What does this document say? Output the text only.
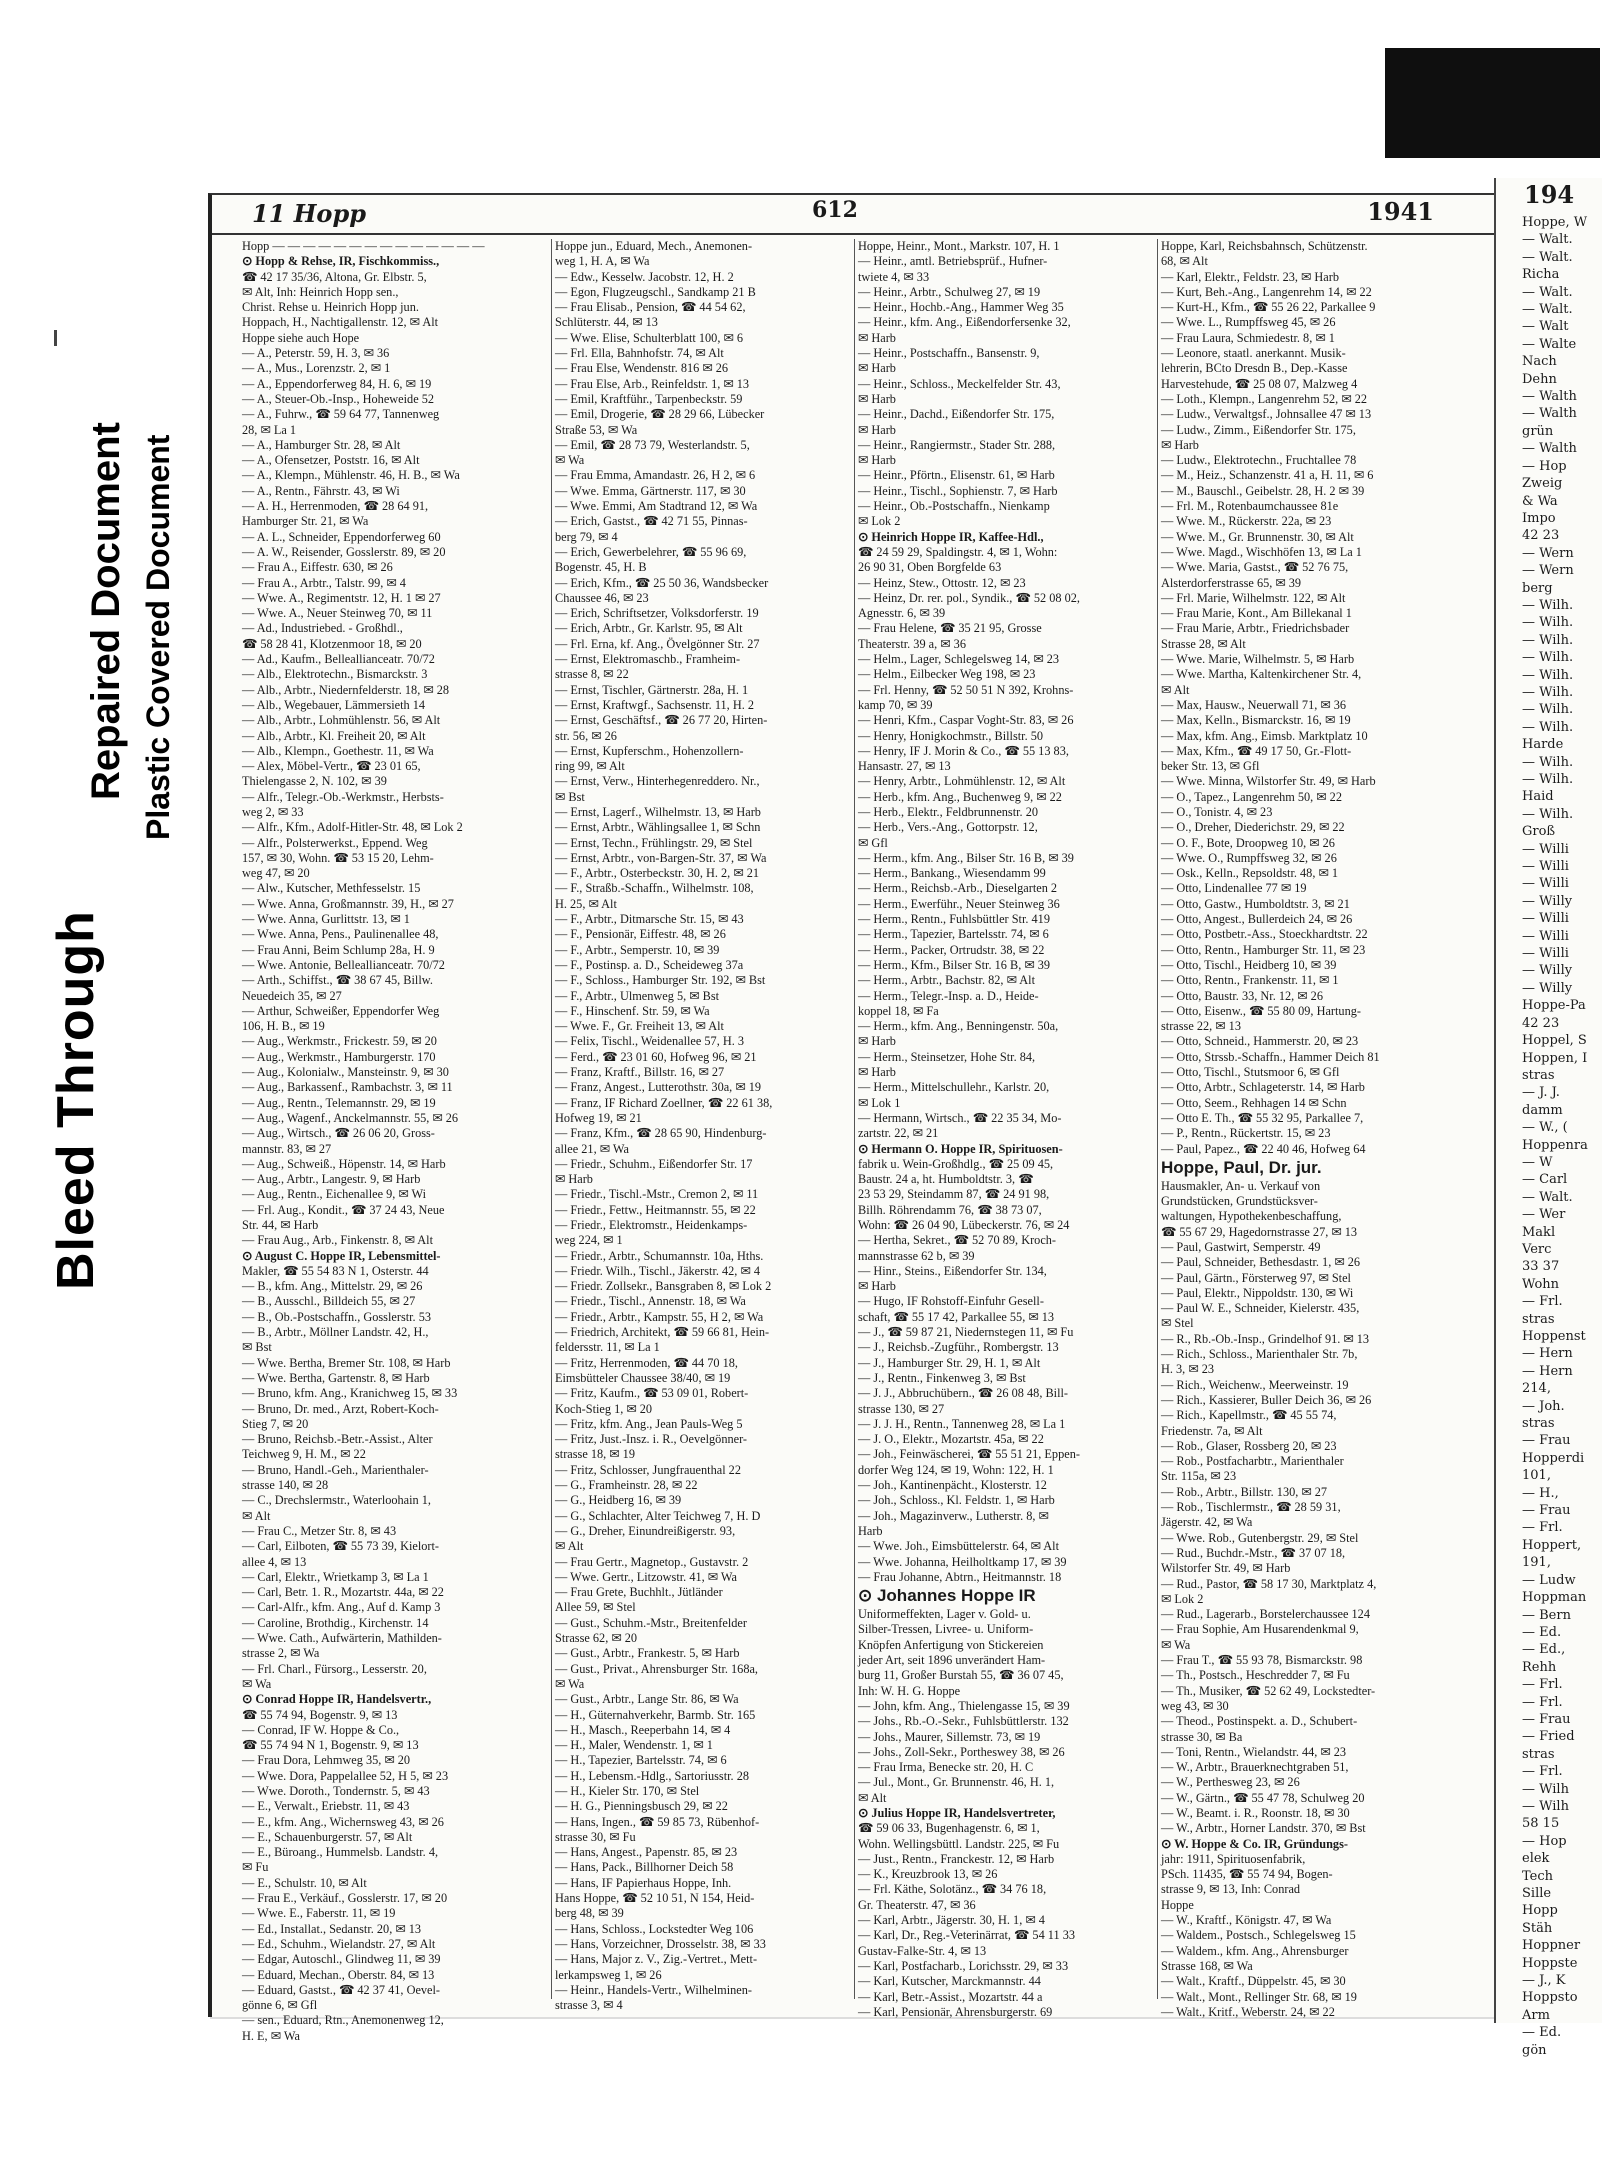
Bleed Through
Repaired Document Plastic Covered Document
11 Hopp	612	1941
Hopp — — — — — — — — — — — — — —
⊙ Hopp & Rehse, IR, Fischkommiss.,
☎ 42 17 35/36, Altona, Gr. Elbstr. 5,
✉ Alt, Inh: Heinrich Hopp sen.,
Christ. Rehse u. Heinrich Hopp jun.
Hoppach, H., Nachtigallenstr. 12, ✉ Alt
Hoppe siehe auch Hope
— A., Peterstr. 59, H. 3, ✉ 36
— A., Mus., Lorenzstr. 2, ✉ 1
— A., Eppendorferweg 84, H. 6, ✉ 19
— A., Steuer-Ob.-Insp., Hoheweide 52
— A., Fuhrw., ☎ 59 64 77, Tannenweg
28, ✉ La 1
— A., Hamburger Str. 28, ✉ Alt
— A., Ofensetzer, Poststr. 16, ✉ Alt
— A., Klempn., Mühlenstr. 46, H. B., ✉ Wa
— A., Rentn., Fährstr. 43, ✉ Wi
— A. H., Herrenmoden, ☎ 28 64 91,
Hamburger Str. 21, ✉ Wa
— A. L., Schneider, Eppendorferweg 60
— A. W., Reisender, Gosslerstr. 89, ✉ 20
— Frau A., Eiffestr. 630, ✉ 26
— Frau A., Arbtr., Talstr. 99, ✉ 4
— Wwe. A., Regimentstr. 12, H. 1 ✉ 27
— Wwe. A., Neuer Steinweg 70, ✉ 11
— Ad., Industriebed. - Großhdl.,
☎ 58 28 41, Klotzenmoor 18, ✉ 20
— Ad., Kaufm., Belleallianceatr. 70/72
— Alb., Elektrotechn., Bismarckstr. 3
— Alb., Arbtr., Niedernfelderstr. 18, ✉ 28
— Alb., Wegebauer, Lämmersieth 14
— Alb., Arbtr., Lohmühlenstr. 56, ✉ Alt
— Alb., Arbtr., Kl. Freiheit 20, ✉ Alt
— Alb., Klempn., Goethestr. 11, ✉ Wa
— Alex, Möbel-Vertr., ☎ 23 01 65,
Thielengasse 2, N. 102, ✉ 39
— Alfr., Telegr.-Ob.-Werkmstr., Herbsts-
weg 2, ✉ 33
— Alfr., Kfm., Adolf-Hitler-Str. 48, ✉ Lok 2
— Alfr., Polsterwerkst., Eppend. Weg
157, ✉ 30, Wohn. ☎ 53 15 20, Lehm-
weg 47, ✉ 20
— Alw., Kutscher, Methfesselstr. 15
— Wwe. Anna, Großmannstr. 39, H., ✉ 27
— Wwe. Anna, Gurlittstr. 13, ✉ 1
— Wwe. Anna, Pens., Paulinenallee 48,
— Frau Anni, Beim Schlump 28a, H. 9
— Wwe. Antonie, Belleallianceatr. 70/72
— Arth., Schiffst., ☎ 38 67 45, Billw.
Neuedeich 35, ✉ 27
— Arthur, Schweißer, Eppendorfer Weg
106, H. B., ✉ 19
— Aug., Werkmstr., Frickestr. 59, ✉ 20
— Aug., Werkmstr., Hamburgerstr. 170
— Aug., Kolonialw., Mansteinstr. 9, ✉ 30
— Aug., Barkassenf., Rambachstr. 3, ✉ 11
— Aug., Rentn., Telemannstr. 29, ✉ 19
— Aug., Wagenf., Anckelmannstr. 55, ✉ 26
— Aug., Wirtsch., ☎ 26 06 20, Gross-
mannstr. 83, ✉ 27
— Aug., Schweiß., Höpenstr. 14, ✉ Harb
— Aug., Arbtr., Langestr. 9, ✉ Harb
— Aug., Rentn., Eichenallee 9, ✉ Wi
— Frl. Aug., Kondit., ☎ 37 24 43, Neue
Str. 44, ✉ Harb
— Frau Aug., Arb., Finkenstr. 8, ✉ Alt
⊙ August C. Hoppe IR, Lebensmittel-
Makler, ☎ 55 54 83 N 1, Osterstr. 44
— B., kfm. Ang., Mittelstr. 29, ✉ 26
— B., Ausschl., Billdeich 55, ✉ 27
— B., Ob.-Postschaffn., Gosslerstr. 53
— B., Arbtr., Möllner Landstr. 42, H.,
✉ Bst
— Wwe. Bertha, Bremer Str. 108, ✉ Harb
— Wwe. Bertha, Gartenstr. 8, ✉ Harb
— Bruno, kfm. Ang., Kranichweg 15, ✉ 33
— Bruno, Dr. med., Arzt, Robert-Koch-
Stieg 7, ✉ 20
— Bruno, Reichsb.-Betr.-Assist., Alter
Teichweg 9, H. M., ✉ 22
— Bruno, Handl.-Geh., Marienthaler-
strasse 140, ✉ 28
— C., Drechslermstr., Waterloohain 1,
✉ Alt
— Frau C., Metzer Str. 8, ✉ 43
— Carl, Eilboten, ☎ 55 73 39, Kielort-
allee 4, ✉ 13
— Carl, Elektr., Wrietkamp 3, ✉ La 1
— Carl, Betr. 1. R., Mozartstr. 44a, ✉ 22
— Carl-Alfr., kfm. Ang., Auf d. Kamp 3
— Caroline, Brothdig., Kirchenstr. 14
— Wwe. Cath., Aufwärterin, Mathilden-
strasse 2, ✉ Wa
— Frl. Charl., Fürsorg., Lesserstr. 20,
✉ Wa
⊙ Conrad Hoppe IR, Handelsvertr.,
☎ 55 74 94, Bogenstr. 9, ✉ 13
— Conrad, IF W. Hoppe & Co.,
☎ 55 74 94 N 1, Bogenstr. 9, ✉ 13
— Frau Dora, Lehmweg 35, ✉ 20
— Wwe. Dora, Pappelallee 52, H 5, ✉ 23
— Wwe. Doroth., Tondernstr. 5, ✉ 43
— E., Verwalt., Eriebstr. 11, ✉ 43
— E., kfm. Ang., Wichernsweg 43, ✉ 26
— E., Schauenburgerstr. 57, ✉ Alt
— E., Büroang., Hummelsb. Landstr. 4,
✉ Fu
— E., Schulstr. 10, ✉ Alt
— Frau E., Verkäuf., Gosslerstr. 17, ✉ 20
— Wwe. E., Faberstr. 11, ✉ 19
— Ed., Installat., Sedanstr. 20, ✉ 13
— Ed., Schuhm., Wielandstr. 27, ✉ Alt
— Edgar, Autoschl., Glindweg 11, ✉ 39
— Eduard, Mechan., Oberstr. 84, ✉ 13
— Eduard, Gastst., ☎ 42 37 41, Oevel-
gönne 6, ✉ Gfl
— sen., Eduard, Rtn., Anemonenweg 12,
H. E, ✉ Wa
Hoppe jun., Eduard, Mech., Anemonen-
weg 1, H. A, ✉ Wa
— Edw., Kesselw. Jacobstr. 12, H. 2
— Egon, Flugzeugschl., Sandkamp 21 B
— Frau Elisab., Pension, ☎ 44 54 62,
Schlüterstr. 44, ✉ 13
— Wwe. Elise, Schulterblatt 100, ✉ 6
— Frl. Ella, Bahnhofstr. 74, ✉ Alt
— Frau Else, Wendenstr. 816 ✉ 26
— Frau Else, Arb., Reinfeldstr. 1, ✉ 13
— Emil, Kraftführ., Tarpenbeckstr. 59
— Emil, Drogerie, ☎ 28 29 66, Lübecker
Straße 53, ✉ Wa
— Emil, ☎ 28 73 79, Westerlandstr. 5,
✉ Wa
— Frau Emma, Amandastr. 26, H 2, ✉ 6
— Wwe. Emma, Gärtnerstr. 117, ✉ 30
— Wwe. Emmi, Am Stadtrand 12, ✉ Wa
— Erich, Gastst., ☎ 42 71 55, Pinnas-
berg 79, ✉ 4
— Erich, Gewerbelehrer, ☎ 55 96 69,
Bogenstr. 45, H. B
— Erich, Kfm., ☎ 25 50 36, Wandsbecker
Chaussee 46, ✉ 23
— Erich, Schriftsetzer, Volksdorferstr. 19
— Erich, Arbtr., Gr. Karlstr. 95, ✉ Alt
— Frl. Erna, kf. Ang., Övelgönner Str. 27
— Ernst, Elektromaschb., Framheim-
strasse 8, ✉ 22
— Ernst, Tischler, Gärtnerstr. 28a, H. 1
— Ernst, Kraftwgf., Sachsenstr. 11, H. 2
— Ernst, Geschäftsf., ☎ 26 77 20, Hirten-
str. 56, ✉ 26
— Ernst, Kupferschm., Hohenzollern-
ring 99, ✉ Alt
— Ernst, Verw., Hinterhegenreddero. Nr.,
✉ Bst
— Ernst, Lagerf., Wilhelmstr. 13, ✉ Harb
— Ernst, Arbtr., Wählingsallee 1, ✉ Schn
— Ernst, Techn., Frühlingstr. 29, ✉ Stel
— Ernst, Arbtr., von-Bargen-Str. 37, ✉ Wa
— F., Arbtr., Osterbeckstr. 30, H. 2, ✉ 21
— F., Straßb.-Schaffn., Wilhelmstr. 108,
H. 25, ✉ Alt
— F., Arbtr., Ditmarsche Str. 15, ✉ 43
— F., Pensionär, Eiffestr. 48, ✉ 26
— F., Arbtr., Semperstr. 10, ✉ 39
— F., Postinsp. a. D., Scheideweg 37a
— F., Schloss., Hamburger Str. 192, ✉ Bst
— F., Arbtr., Ulmenweg 5, ✉ Bst
— F., Hinschenf. Str. 59, ✉ Wa
— Wwe. F., Gr. Freiheit 13, ✉ Alt
— Felix, Tischl., Weidenallee 57, H. 3
— Ferd., ☎ 23 01 60, Hofweg 96, ✉ 21
— Franz, Kraftf., Billstr. 16, ✉ 27
— Franz, Angest., Lutterothstr. 30a, ✉ 19
— Franz, IF Richard Zoellner, ☎ 22 61 38,
Hofweg 19, ✉ 21
— Franz, Kfm., ☎ 28 65 90, Hindenburg-
allee 21, ✉ Wa
— Friedr., Schuhm., Eißendorfer Str. 17
✉ Harb
— Friedr., Tischl.-Mstr., Cremon 2, ✉ 11
— Friedr., Fettw., Heitmannstr. 55, ✉ 22
— Friedr., Elektromstr., Heidenkamps-
weg 224, ✉ 1
— Friedr., Arbtr., Schumannstr. 10a, Hths.
— Friedr. Wilh., Tischl., Jäkerstr. 42, ✉ 4
— Friedr. Zollsekr., Bansgraben 8, ✉ Lok 2
— Friedr., Tischl., Annenstr. 18, ✉ Wa
— Friedr., Arbtr., Kampstr. 55, H 2, ✉ Wa
— Friedrich, Architekt, ☎ 59 66 81, Hein-
feldersstr. 11, ✉ La 1
— Fritz, Herrenmoden, ☎ 44 70 18,
Eimsbütteler Chaussee 38/40, ✉ 19
— Fritz, Kaufm., ☎ 53 09 01, Robert-
Koch-Stieg 1, ✉ 20
— Fritz, kfm. Ang., Jean Pauls-Weg 5
— Fritz, Just.-Insz. i. R., Oevelgönner-
strasse 18, ✉ 19
— Fritz, Schlosser, Jungfrauenthal 22
— G., Framheinstr. 28, ✉ 22
— G., Heidberg 16, ✉ 39
— G., Schlachter, Alter Teichweg 7, H. D
— G., Dreher, Einundreißigerstr. 93,
✉ Alt
— Frau Gertr., Magnetop., Gustavstr. 2
— Wwe. Gertr., Litzowstr. 41, ✉ Wa
— Frau Grete, Buchhlt., Jütländer
Allee 59, ✉ Stel
— Gust., Schuhm.-Mstr., Breitenfelder
Strasse 62, ✉ 20
— Gust., Arbtr., Frankestr. 5, ✉ Harb
— Gust., Privat., Ahrensburger Str. 168a,
✉ Wa
— Gust., Arbtr., Lange Str. 86, ✉ Wa
— H., Güternahverkehr, Barmb. Str. 165
— H., Masch., Reeperbahn 14, ✉ 4
— H., Maler, Wendenstr. 1, ✉ 1
— H., Tapezier, Bartelsstr. 74, ✉ 6
— H., Lebensm.-Hdlg., Sartoriusstr. 28
— H., Kieler Str. 170, ✉ Stel
— H. G., Pienningsbusch 29, ✉ 22
— Hans, Ingen., ☎ 59 85 73, Rübenhof-
strasse 30, ✉ Fu
— Hans, Angest., Papenstr. 85, ✉ 23
— Hans, Pack., Billhorner Deich 58
— Hans, IF Papierhaus Hoppe, Inh.
Hans Hoppe, ☎ 52 10 51, N 154, Heid-
berg 48, ✉ 39
— Hans, Schloss., Lockstedter Weg 106
— Hans, Vorzeichner, Drosselstr. 38, ✉ 33
— Hans, Major z. V., Zig.-Vertret., Mett-
lerkampsweg 1, ✉ 26
— Heinr., Handels-Vertr., Wilhelminen-
strasse 3, ✉ 4
Hoppe, Heinr., Mont., Markstr. 107, H. 1
— Heinr., amtl. Betriebsprüf., Hufner-
twiete 4, ✉ 33
— Heinr., Arbtr., Schulweg 27, ✉ 19
— Heinr., Hochb.-Ang., Hammer Weg 35
— Heinr., kfm. Ang., Eißendorfersenke 32,
✉ Harb
— Heinr., Postschaffn., Bansenstr. 9,
✉ Harb
— Heinr., Schloss., Meckelfelder Str. 43,
✉ Harb
— Heinr., Dachd., Eißendorfer Str. 175,
✉ Harb
— Heinr., Rangiermstr., Stader Str. 288,
✉ Harb
— Heinr., Pförtn., Elisenstr. 61, ✉ Harb
— Heinr., Tischl., Sophienstr. 7, ✉ Harb
— Heinr., Ob.-Postschaffn., Nienkamp
✉ Lok 2
⊙ Heinrich Hoppe IR, Kaffee-Hdl.,
☎ 24 59 29, Spaldingstr. 4, ✉ 1, Wohn:
26 90 31, Oben Borgfelde 63
— Heinz, Stew., Ottostr. 12, ✉ 23
— Heinz, Dr. rer. pol., Syndik., ☎ 52 08 02,
Agnesstr. 6, ✉ 39
— Frau Helene, ☎ 35 21 95, Grosse
Theaterstr. 39 a, ✉ 36
— Helm., Lager, Schlegelsweg 14, ✉ 23
— Helm., Eilbecker Weg 198, ✉ 23
— Frl. Henny, ☎ 52 50 51 N 392, Krohns-
kamp 70, ✉ 39
— Henri, Kfm., Caspar Voght-Str. 83, ✉ 26
— Henry, Honigkochmstr., Billstr. 50
— Henry, IF J. Morin & Co., ☎ 55 13 83,
Hansastr. 27, ✉ 13
— Henry, Arbtr., Lohmühlenstr. 12, ✉ Alt
— Herb., kfm. Ang., Buchenweg 9, ✉ 22
— Herb., Elektr., Feldbrunnenstr. 20
— Herb., Vers.-Ang., Gottorpstr. 12,
✉ Gfl
— Herm., kfm. Ang., Bilser Str. 16 B, ✉ 39
— Herm., Bankang., Wiesendamm 99
— Herm., Reichsb.-Arb., Dieselgarten 2
— Herm., Ewerführ., Neuer Steinweg 36
— Herm., Rentn., Fuhlsbüttler Str. 419
— Herm., Tapezier, Bartelsstr. 74, ✉ 6
— Herm., Packer, Ortrudstr. 38, ✉ 22
— Herm., Kfm., Bilser Str. 16 B, ✉ 39
— Herm., Arbtr., Bachstr. 82, ✉ Alt
— Herm., Telegr.-Insp. a. D., Heide-
koppel 18, ✉ Fa
— Herm., kfm. Ang., Benningenstr. 50a,
✉ Harb
— Herm., Steinsetzer, Hohe Str. 84,
✉ Harb
— Herm., Mittelschullehr., Karlstr. 20,
✉ Lok 1
— Hermann, Wirtsch., ☎ 22 35 34, Mo-
zartstr. 22, ✉ 21
⊙ Hermann O. Hoppe IR, Spirituosen-
fabrik u. Wein-Großhdlg., ☎ 25 09 45,
Baustr. 24 a, ht. Humboldtstr. 3, ☎
23 53 29, Steindamm 87, ☎ 24 91 98,
Billh. Röhrendamm 76, ☎ 38 73 07,
Wohn: ☎ 26 04 90, Lübeckerstr. 76, ✉ 24
— Hertha, Sekret., ☎ 52 70 89, Kroch-
mannstrasse 62 b, ✉ 39
— Hinr., Steins., Eißendorfer Str. 134,
✉ Harb
— Hugo, IF Rohstoff-Einfuhr Gesell-
schaft, ☎ 55 17 42, Parkallee 55, ✉ 13
— J., ☎ 59 87 21, Niedernstegen 11, ✉ Fu
— J., Reichsb.-Zugführ., Rombergstr. 13
— J., Hamburger Str. 29, H. 1, ✉ Alt
— J., Rentn., Finkenweg 3, ✉ Bst
— J. J., Abbruchübern., ☎ 26 08 48, Bill-
strasse 130, ✉ 27
— J. J. H., Rentn., Tannenweg 28, ✉ La 1
— J. O., Elektr., Mozartstr. 45a, ✉ 22
— Joh., Feinwäscherei, ☎ 55 51 21, Eppen-
dorfer Weg 124, ✉ 19, Wohn: 122, H. 1
— Joh., Kantinenpächt., Klosterstr. 12
— Joh., Schloss., Kl. Feldstr. 1, ✉ Harb
— Joh., Magazinverw., Lutherstr. 8, ✉
Harb
— Wwe. Joh., Eimsbüttelerstr. 64, ✉ Alt
— Wwe. Johanna, Heilholtkamp 17, ✉ 39
— Frau Johanne, Abtrn., Heitmannstr. 18
⊙ Johannes Hoppe IR
Uniformeffekten, Lager v. Gold- u.
Silber-Tressen, Livree- u. Uniform-
Knöpfen Anfertigung von Stickereien
jeder Art, seit 1896 unverändert Ham-
burg 11, Großer Burstah 55, ☎ 36 07 45,
Inh: W. H. G. Hoppe
— John, kfm. Ang., Thielengasse 15, ✉ 39
— Johs., Rb.-O.-Sekr., Fuhlsbüttlerstr. 132
— Johs., Maurer, Sillemstr. 73, ✉ 19
— Johs., Zoll-Sekr., Portheswey 38, ✉ 26
— Frau Irma, Benecke str. 20, H. C
— Jul., Mont., Gr. Brunnenstr. 46, H. 1,
✉ Alt
⊙ Julius Hoppe IR, Handelsvertreter,
☎ 59 06 33, Bugenhagenstr. 6, ✉ 1,
Wohn. Wellingsbüttl. Landstr. 225, ✉ Fu
— Just., Rentn., Franckestr. 12, ✉ Harb
— K., Kreuzbrook 13, ✉ 26
— Frl. Käthe, Solotänz., ☎ 34 76 18,
Gr. Theaterstr. 47, ✉ 36
— Karl, Arbtr., Jägerstr. 30, H. 1, ✉ 4
— Karl, Dr., Reg.-Veterinärrat, ☎ 54 11 33
Gustav-Falke-Str. 4, ✉ 13
— Karl, Postfacharb., Lorichsstr. 29, ✉ 33
— Karl, Kutscher, Marckmannstr. 44
— Karl, Betr.-Assist., Mozartstr. 44 a
— Karl, Pensionär, Ahrensburgerstr. 69
Hoppe, Karl, Reichsbahnsch, Schützenstr.
68, ✉ Alt
— Karl, Elektr., Feldstr. 23, ✉ Harb
— Kurt, Beh.-Ang., Langenrehm 14, ✉ 22
— Kurt-H., Kfm., ☎ 55 26 22, Parkallee 9
— Wwe. L., Rumpffsweg 45, ✉ 26
— Frau Laura, Schmiedestr. 8, ✉ 1
— Leonore, staatl. anerkannt. Musik-
lehrerin, BCto Dresdn B., Dep.-Kasse
Harvestehude, ☎ 25 08 07, Malzweg 4
— Loth., Klempn., Langenrehm 52, ✉ 22
— Ludw., Verwaltgsf., Johnsallee 47 ✉ 13
— Ludw., Zimm., Eißendorfer Str. 175,
✉ Harb
— Ludw., Elektrotechn., Fruchtallee 78
— M., Heiz., Schanzenstr. 41 a, H. 11, ✉ 6
— M., Bauschl., Geibelstr. 28, H. 2 ✉ 39
— Frl. M., Rotenbaumchaussee 81e
— Wwe. M., Rückerstr. 22a, ✉ 23
— Wwe. M., Gr. Brunnenstr. 30, ✉ Alt
— Wwe. Magd., Wischhöfen 13, ✉ La 1
— Wwe. Maria, Gastst., ☎ 52 76 75,
Alsterdorferstrasse 65, ✉ 39
— Frl. Marie, Wilhelmstr. 122, ✉ Alt
— Frau Marie, Kont., Am Billekanal 1
— Frau Marie, Arbtr., Friedrichsbader
Strasse 28, ✉ Alt
— Wwe. Marie, Wilhelmstr. 5, ✉ Harb
— Wwe. Martha, Kaltenkirchener Str. 4,
✉ Alt
— Max, Hausw., Neuerwall 71, ✉ 36
— Max, Kelln., Bismarckstr. 16, ✉ 19
— Max, kfm. Ang., Eimsb. Marktplatz 10
— Max, Kfm., ☎ 49 17 50, Gr.-Flott-
beker Str. 13, ✉ Gfl
— Wwe. Minna, Wilstorfer Str. 49, ✉ Harb
— O., Tapez., Langenrehm 50, ✉ 22
— O., Tonistr. 4, ✉ 23
— O., Dreher, Diederichstr. 29, ✉ 22
— O. F., Bote, Droopweg 10, ✉ 26
— Wwe. O., Rumpffsweg 32, ✉ 26
— Osk., Kelln., Repsoldstr. 48, ✉ 1
— Otto, Lindenallee 77 ✉ 19
— Otto, Gastw., Humboldtstr. 3, ✉ 21
— Otto, Angest., Bullerdeich 24, ✉ 26
— Otto, Postbetr.-Ass., Stoeckhardtstr. 22
— Otto, Rentn., Hamburger Str. 11, ✉ 23
— Otto, Tischl., Heidberg 10, ✉ 39
— Otto, Rentn., Frankenstr. 11, ✉ 1
— Otto, Baustr. 33, Nr. 12, ✉ 26
— Otto, Eisenw., ☎ 55 80 09, Hartung-
strasse 22, ✉ 13
— Otto, Schneid., Hammerstr. 20, ✉ 23
— Otto, Strssb.-Schaffn., Hammer Deich 81
— Otto, Tischl., Stutsmoor 6, ✉ Gfl
— Otto, Arbtr., Schlageterstr. 14, ✉ Harb
— Otto, Seem., Rehhagen 14 ✉ Schn
— Otto E. Th., ☎ 55 32 95, Parkallee 7,
— P., Rentn., Rückertstr. 15, ✉ 23
— Paul, Papez., ☎ 22 40 46, Hofweg 64
Hoppe, Paul, Dr. jur.
Hausmakler, An- u. Verkauf von
Grundstücken, Grundstücksver-
waltungen, Hypothekenbeschaffung,
☎ 55 67 29, Hagedornstrasse 27, ✉ 13
— Paul, Gastwirt, Semperstr. 49
— Paul, Schneider, Bethesdastr. 1, ✉ 26
— Paul, Gärtn., Försterweg 97, ✉ Stel
— Paul, Elektr., Nippoldstr. 130, ✉ Wi
— Paul W. E., Schneider, Kielerstr. 435,
✉ Stel
— R., Rb.-Ob.-Insp., Grindelhof 91. ✉ 13
— Rich., Schloss., Marienthaler Str. 7b,
H. 3, ✉ 23
— Rich., Weichenw., Meerweinstr. 19
— Rich., Kassierer, Buller Deich 36, ✉ 26
— Rich., Kapellmstr., ☎ 45 55 74,
Friedenstr. 7a, ✉ Alt
— Rob., Glaser, Rossberg 20, ✉ 23
— Rob., Postfacharbtr., Marienthaler
Str. 115a, ✉ 23
— Rob., Arbtr., Billstr. 130, ✉ 27
— Rob., Tischlermstr., ☎ 28 59 31,
Jägerstr. 42, ✉ Wa
— Wwe. Rob., Gutenbergstr. 29, ✉ Stel
— Rud., Buchdr.-Mstr., ☎ 37 07 18,
Wilstorfer Str. 49, ✉ Harb
— Rud., Pastor, ☎ 58 17 30, Marktplatz 4,
✉ Lok 2
— Rud., Lagerarb., Borstelerchaussee 124
— Frau Sophie, Am Husarendenkmal 9,
✉ Wa
— Frau T., ☎ 55 93 78, Bismarckstr. 98
— Th., Postsch., Heschredder 7, ✉ Fu
— Th., Musiker, ☎ 52 62 49, Lockstedter-
weg 43, ✉ 30
— Theod., Postinspekt. a. D., Schubert-
strasse 30, ✉ Ba
— Toni, Rentn., Wielandstr. 44, ✉ 23
— W., Arbtr., Brauerknechtgraben 51,
— W., Perthesweg 23, ✉ 26
— W., Gärtn., ☎ 55 47 78, Schulweg 20
— W., Beamt. i. R., Roonstr. 18, ✉ 30
— W., Arbtr., Horner Landstr. 370, ✉ Bst
⊙ W. Hoppe & Co. IR, Gründungs-
jahr: 1911, Spirituosenfabrik,
PSch. 11435, ☎ 55 74 94, Bogen-
strasse 9, ✉ 13, Inh: Conrad
Hoppe
— W., Kraftf., Königstr. 47, ✉ Wa
— Waldem., Postsch., Schlegelsweg 15
— Waldem., kfm. Ang., Ahrensburger
Strasse 168, ✉ Wa
— Walt., Kraftf., Düppelstr. 45, ✉ 30
— Walt., Mont., Rellinger Str. 68, ✉ 19
— Walt., Kritf., Weberstr. 24, ✉ 22
194
Hoppe, W
— Walt.
— Walt.
Richa
— Walt.
— Walt.
— Walt
— Walte
Nach
Dehn
— Walth
— Walth
grün
— Walth
— Hop
Zweig
& Wa
Impo
42 23
— Wern
— Wern
berg
— Wilh.
— Wilh.
— Wilh.
— Wilh.
— Wilh.
— Wilh.
— Wilh.
— Wilh.
Harde
— Wilh.
— Wilh.
Haid
— Wilh.
Groß
— Willi
— Willi
— Willi
— Willy
— Willi
— Willi
— Willi
— Willy
— Willy
Hoppe-Pa
42 23
Hoppel, S
Hoppen, I
stras
— J. J.
damm
— W., (
Hoppenra
— W
— Carl
— Walt.
— Wer
Makl
Verc
33 37
Wohn
— Frl.
stras
Hoppenst
— Hern
— Hern
214,
— Joh.
stras
— Frau
Hopperdi
101,
— H.,
— Frau
— Frl.
Hoppert,
191,
— Ludw
Hoppman
— Bern
— Ed.
— Ed.,
Rehh
— Frl.
— Frl.
— Frau
— Fried
stras
— Frl.
— Wilh
— Wilh
58 15
— Hop
elek
Tech
Sille
Hopp
Stäh
Hoppner
Hoppste
— J., K
Hoppsto
Arm
— Ed.
gön
